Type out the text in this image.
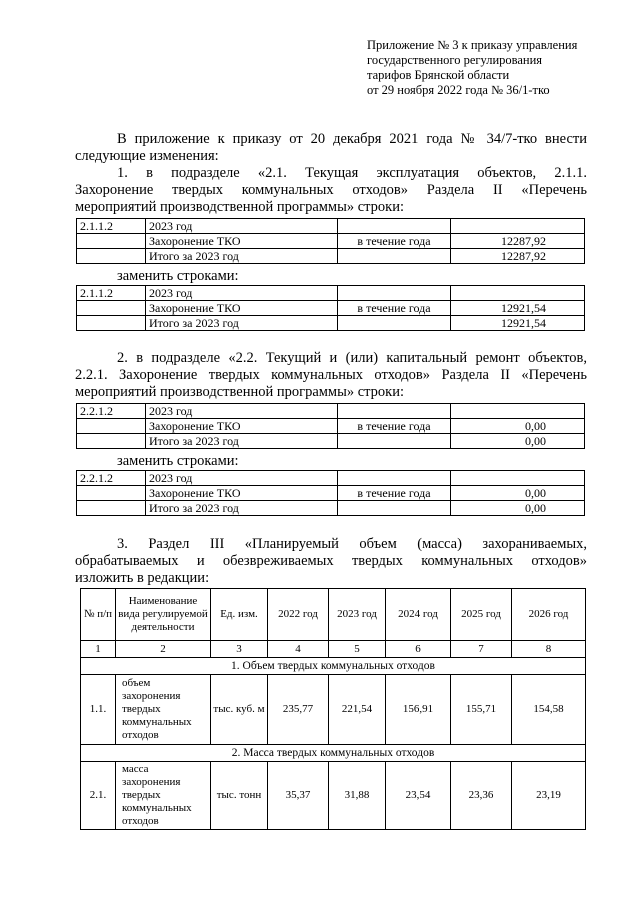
Приложение № 3 к приказу управления
государственного регулирования
тарифов Брянской области
от 29 ноября 2022 года № 36/1-тко
В приложение к приказу от 20 декабря 2021 года № 34/7-тко внести
следующие изменения:
1. в подразделе «2.1. Текущая эксплуатация объектов, 2.1.1.
Захоронение твердых коммунальных отходов» Раздела II «Перечень
мероприятий производственной программы» строки:
2.1.1.2	2023 год		
	Захоронение ТКО	в течение года	12287,92
	Итого за 2023 год		12287,92
заменить строками:
2.1.1.2	2023 год		
	Захоронение ТКО	в течение года	12921,54
	Итого за 2023 год		12921,54
2. в подразделе «2.2. Текущий и (или) капитальный ремонт объектов,
2.2.1. Захоронение твердых коммунальных отходов» Раздела II «Перечень
мероприятий производственной программы» строки:
2.2.1.2	2023 год		
	Захоронение ТКО	в течение года	0,00
	Итого за 2023 год		0,00
заменить строками:
2.2.1.2	2023 год		
	Захоронение ТКО	в течение года	0,00
	Итого за 2023 год		0,00
3. Раздел III «Планируемый объем (масса) захораниваемых,
обрабатываемых и обезвреживаемых твердых коммунальных отходов»
изложить в редакции:
№ п/п	Наименование вида регулируемой деятельности	Ед. изм.	2022 год	2023 год	2024 год	2025 год	2026 год
1	2	3	4	5	6	7	8
1. Объем твердых коммунальных отходов							
1.1.	объем захоронения твердых коммунальных отходов	тыс. куб. м	235,77	221,54	156,91	155,71	154,58
2. Масса твердых коммунальных отходов							
2.1.	масса захоронения твердых коммунальных отходов	тыс. тонн	35,37	31,88	23,54	23,36	23,19
